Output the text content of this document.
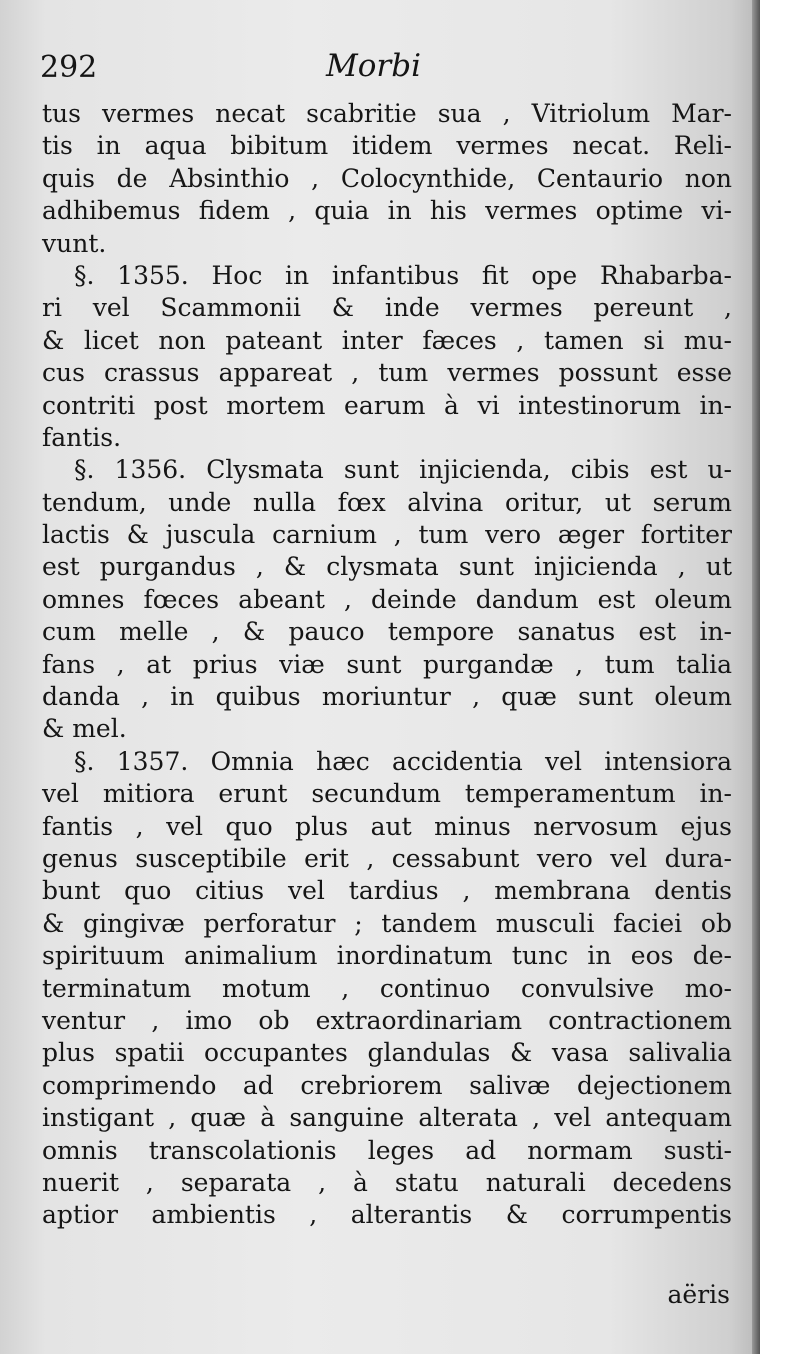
292	Morbi

tus vermes necat scabritie sua , Vitriolum Mar-
tis in aqua bibitum itidem vermes necat. Reli-
quis de Absinthio , Colocynthide, Centaurio non
adhibemus fidem , quia in his vermes optime vi-
vunt.
§. 1355. Hoc in infantibus fit ope Rhabarba-
ri vel Scammonii & inde vermes pereunt ,
& licet non pateant inter fæces , tamen si mu-
cus crassus appareat , tum vermes possunt esse
contriti post mortem earum à vi intestinorum in-
fantis.
§. 1356. Clysmata sunt injicienda, cibis est u-
tendum, unde nulla fœx alvina oritur, ut serum
lactis & juscula carnium , tum vero æger fortiter
est purgandus , & clysmata sunt injicienda , ut
omnes fœces abeant , deinde dandum est oleum
cum melle , & pauco tempore sanatus est in-
fans , at prius viæ sunt purgandæ , tum talia
danda , in quibus moriuntur , quæ sunt oleum
& mel.
§. 1357. Omnia hæc accidentia vel intensiora
vel mitiora erunt secundum temperamentum in-
fantis , vel quo plus aut minus nervosum ejus
genus susceptibile erit , cessabunt vero vel dura-
bunt quo citius vel tardius , membrana dentis
& gingivæ perforatur ; tandem musculi faciei ob
spirituum animalium inordinatum tunc in eos de-
terminatum motum , continuo convulsive mo-
ventur , imo ob extraordinariam contractionem
plus spatii occupantes glandulas & vasa salivalia
comprimendo ad crebriorem salivæ dejectionem
instigant , quæ à sanguine alterata , vel antequam
omnis transcolationis leges ad normam susti-
nuerit , separata , à statu naturali decedens
aptior ambientis , alterantis & corrumpentis

aëris
